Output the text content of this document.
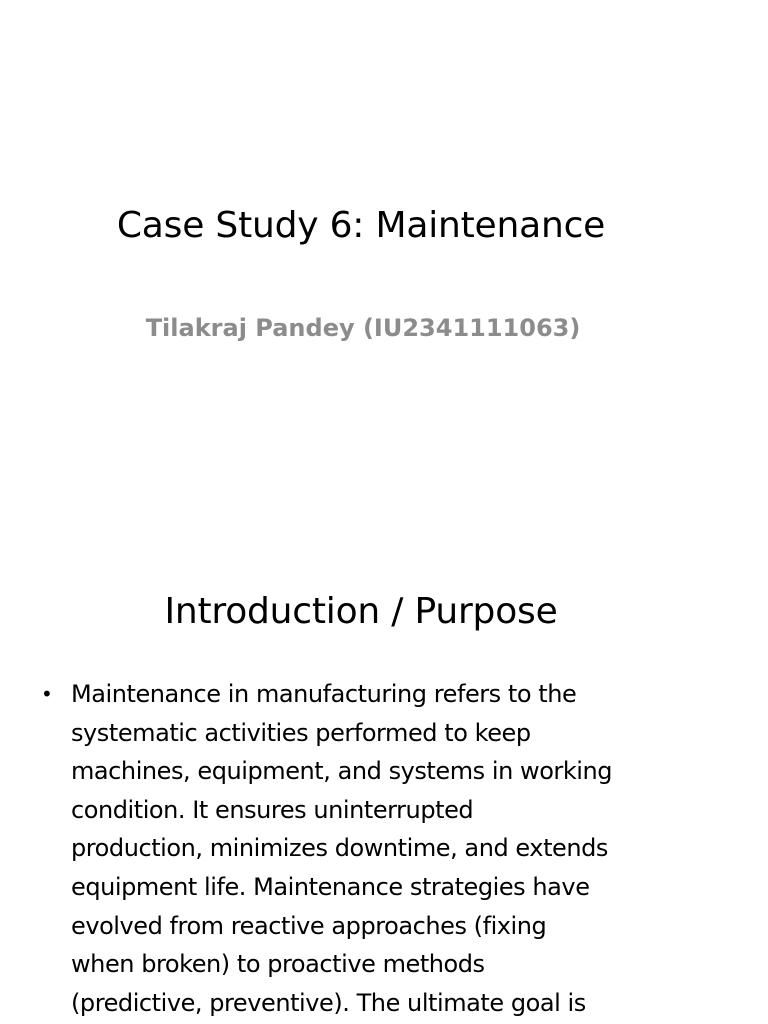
Case Study 6: Maintenance
Tilakraj Pandey (IU2341111063)
Introduction / Purpose
• Maintenance in manufacturing refers to the
systematic activities performed to keep
machines, equipment, and systems in working
condition. It ensures uninterrupted
production, minimizes downtime, and extends
equipment life. Maintenance strategies have
evolved from reactive approaches (fixing
when broken) to proactive methods
(predictive, preventive). The ultimate goal is
